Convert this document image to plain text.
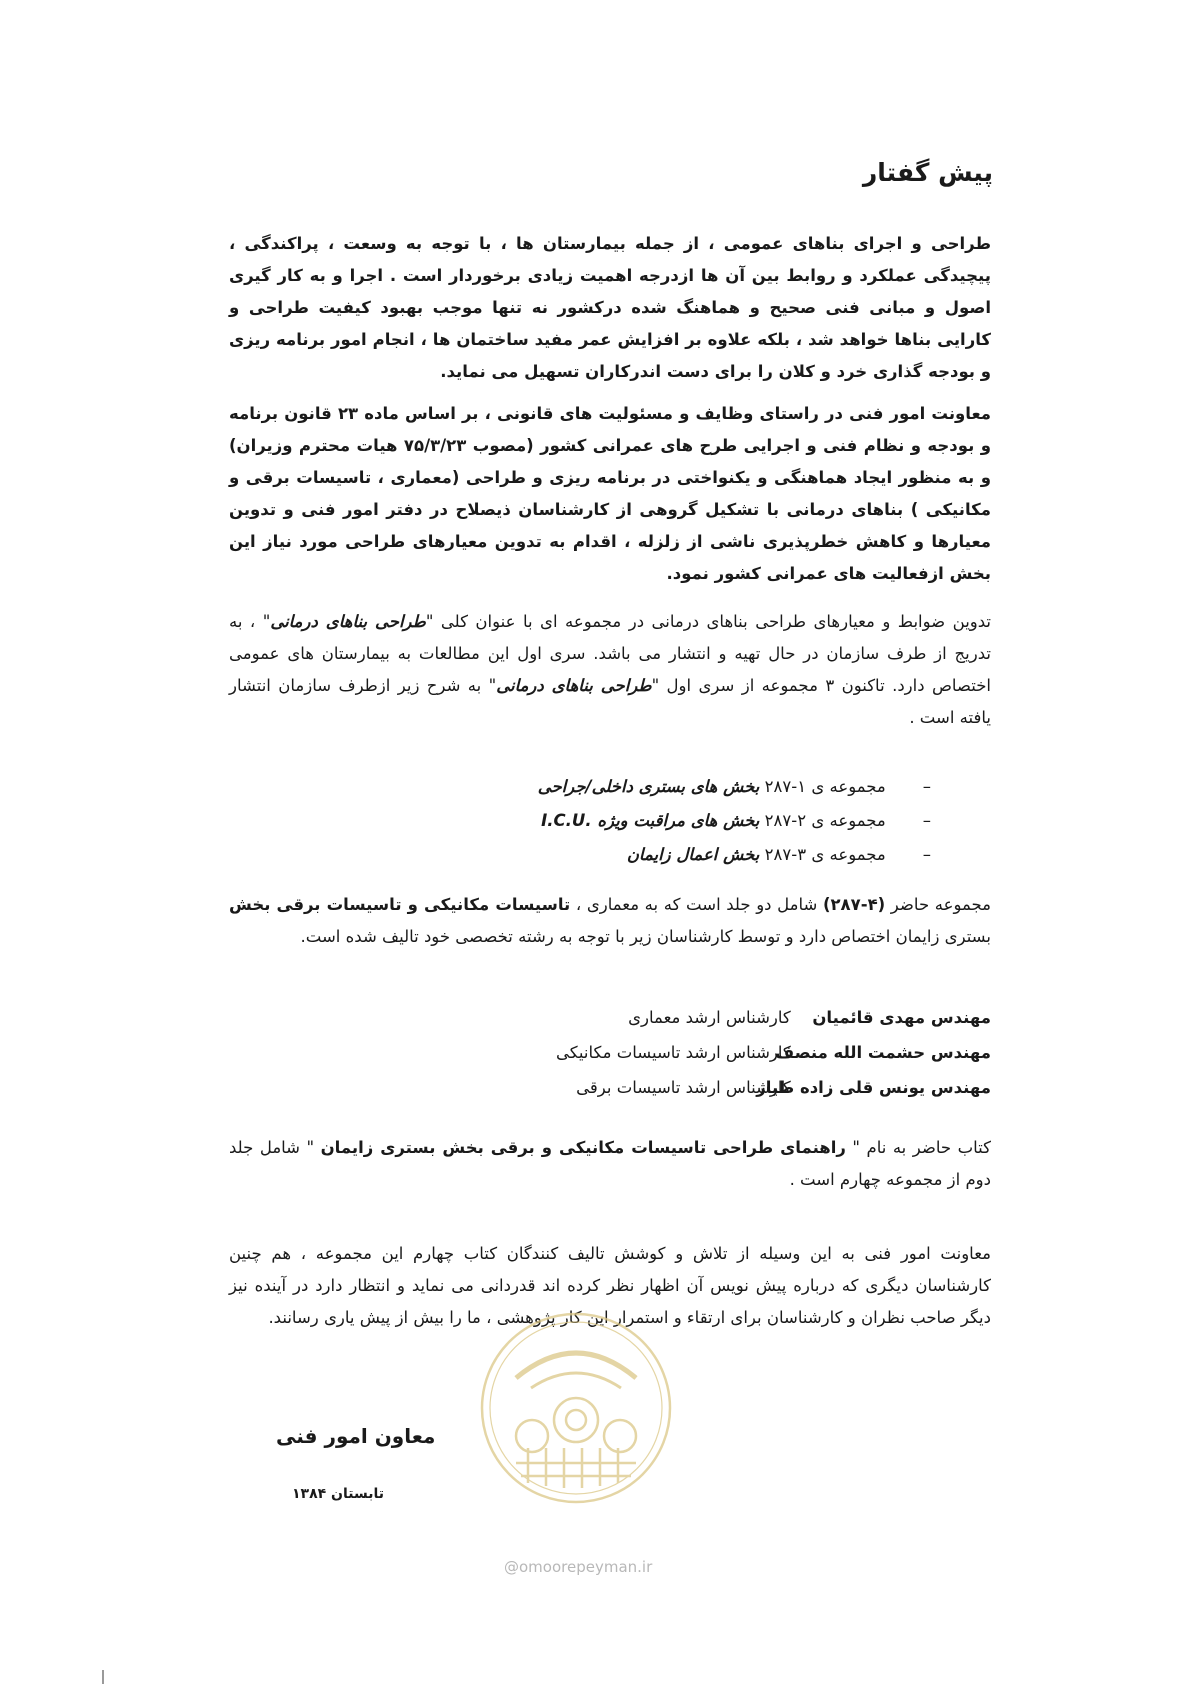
پیش گفتار
طراحی و اجرای بناهای عمومی ، از جمله بیمارستان ها ، با توجه به وسعت ، پراکندگی ، پیچیدگی عملکرد و روابط بین آن ها ازدرجه اهمیت زیادی برخوردار است . اجرا و به کار گیری اصول و مبانی فنی صحیح و هماهنگ شده درکشور نه تنها موجب بهبود کیفیت طراحی و کارایی بناها خواهد شد ، بلکه علاوه بر افزایش عمر مفید ساختمان ها ، انجام امور برنامه ریزی و بودجه گذاری خرد و کلان را برای دست اندرکاران تسهیل می نماید.
معاونت امور فنی در راستای وظایف و مسئولیت های قانونی ، بر اساس ماده ۲۳ قانون برنامه و بودجه و نظام فنی و اجرایی طرح های عمرانی کشور (مصوب ۷۵/۳/۲۳ هیات محترم وزیران) و به منظور ایجاد هماهنگی و یکنواختی در برنامه ریزی و طراحی (معماری ، تاسیسات برقی و مکانیکی ) بناهای درمانی با تشکیل گروهی از کارشناسان ذیصلاح در دفتر امور فنی و تدوین معیارها و کاهش خطرپذیری ناشی از زلزله ، اقدام به تدوین معیارهای طراحی مورد نیاز این بخش ازفعالیت های عمرانی کشور نمود.
تدوین ضوابط و معیارهای طراحی بناهای درمانی در مجموعه ای با عنوان کلی "طراحی بناهای درمانی" ، به تدریج از طرف سازمان در حال تهیه و انتشار می باشد. سری اول این مطالعات به بیمارستان های عمومی اختصاص دارد. تاکنون ۳ مجموعه از سری اول "طراحی بناهای درمانی" به شرح زیر ازطرف سازمان انتشار یافته است .
– مجموعه ی ۱-۲۸۷ بخش های بستری داخلی/جراحی
– مجموعه ی ۲-۲۸۷ بخش های مراقبت ویژه .I.C.U
– مجموعه ی ۳-۲۸۷ بخش اعمال زایمان
مجموعه حاضر (۴-۲۸۷) شامل دو جلد است که به معماری ، تاسیسات مکانیکی و تاسیسات برقی بخش بستری زایمان اختصاص دارد و توسط کارشناسان زیر با توجه به رشته تخصصی خود تالیف شده است.
مهندس مهدی قائمیان کارشناس ارشد معماری
مهندس حشمت الله منصف کارشناس ارشد تاسیسات مکانیکی
مهندس یونس قلی زاده طیار کارشناس ارشد تاسیسات برقی
کتاب حاضر به نام " راهنمای طراحی تاسیسات مکانیکی و برقی بخش بستری زایمان " شامل جلد دوم از مجموعه چهارم است .
معاونت امور فنی به این وسیله از تلاش و کوشش تالیف کنندگان کتاب چهارم این مجموعه ، هم چنین کارشناسان دیگری که درباره پیش نویس آن اظهار نظر کرده اند قدردانی می نماید و انتظار دارد در آینده نیز دیگر صاحب نظران و کارشناسان برای ارتقاء و استمرار این کار پژوهشی ، ما را بیش از پیش یاری رسانند.
@omoorepeyman.ir
معاون امور فنی
تابستان ۱۳۸۴
